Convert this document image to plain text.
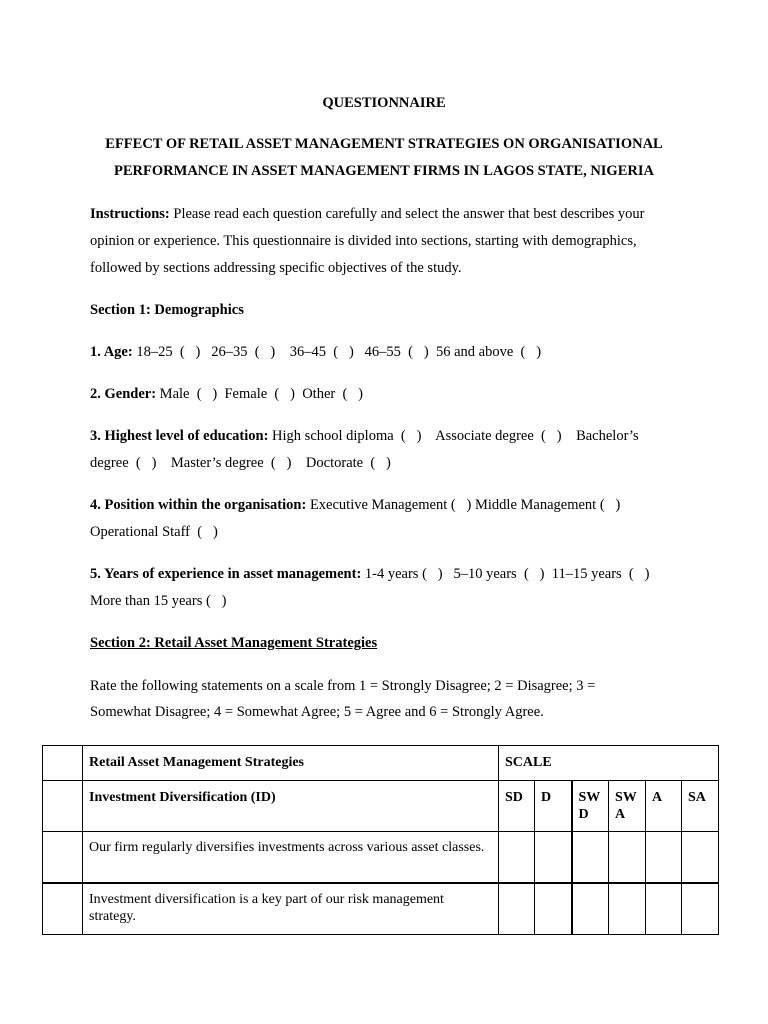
QUESTIONNAIRE
EFFECT OF RETAIL ASSET MANAGEMENT STRATEGIES ON ORGANISATIONAL
PERFORMANCE IN ASSET MANAGEMENT FIRMS IN LAGOS STATE, NIGERIA
Instructions: Please read each question carefully and select the answer that best describes your
opinion or experience. This questionnaire is divided into sections, starting with demographics,
followed by sections addressing specific objectives of the study.
Section 1: Demographics
1. Age: 18–25  (   )   26–35  (   )    36–45  (   )   46–55  (   )  56 and above  (   )
2. Gender: Male  (   )  Female  (   )  Other  (   )
3. Highest level of education: High school diploma  (   )    Associate degree  (   )    Bachelor’s
degree  (   )    Master’s degree  (   )    Doctorate  (   )
4. Position within the organisation: Executive Management (   ) Middle Management (   )
Operational Staff  (   )
5. Years of experience in asset management: 1-4 years (   )   5–10 years  (   )  11–15 years  (   )
More than 15 years (   )
Section 2: Retail Asset Management Strategies
Rate the following statements on a scale from 1 = Strongly Disagree; 2 = Disagree; 3 =
Somewhat Disagree; 4 = Somewhat Agree; 5 = Agree and 6 = Strongly Agree.
	Retail Asset Management Strategies	SCALE					
	Investment Diversification (ID)	SD	D	SW D	SW A	A	SA
	Our firm regularly diversifies investments across various asset classes.						
	Investment diversification is a key part of our risk management strategy.						
